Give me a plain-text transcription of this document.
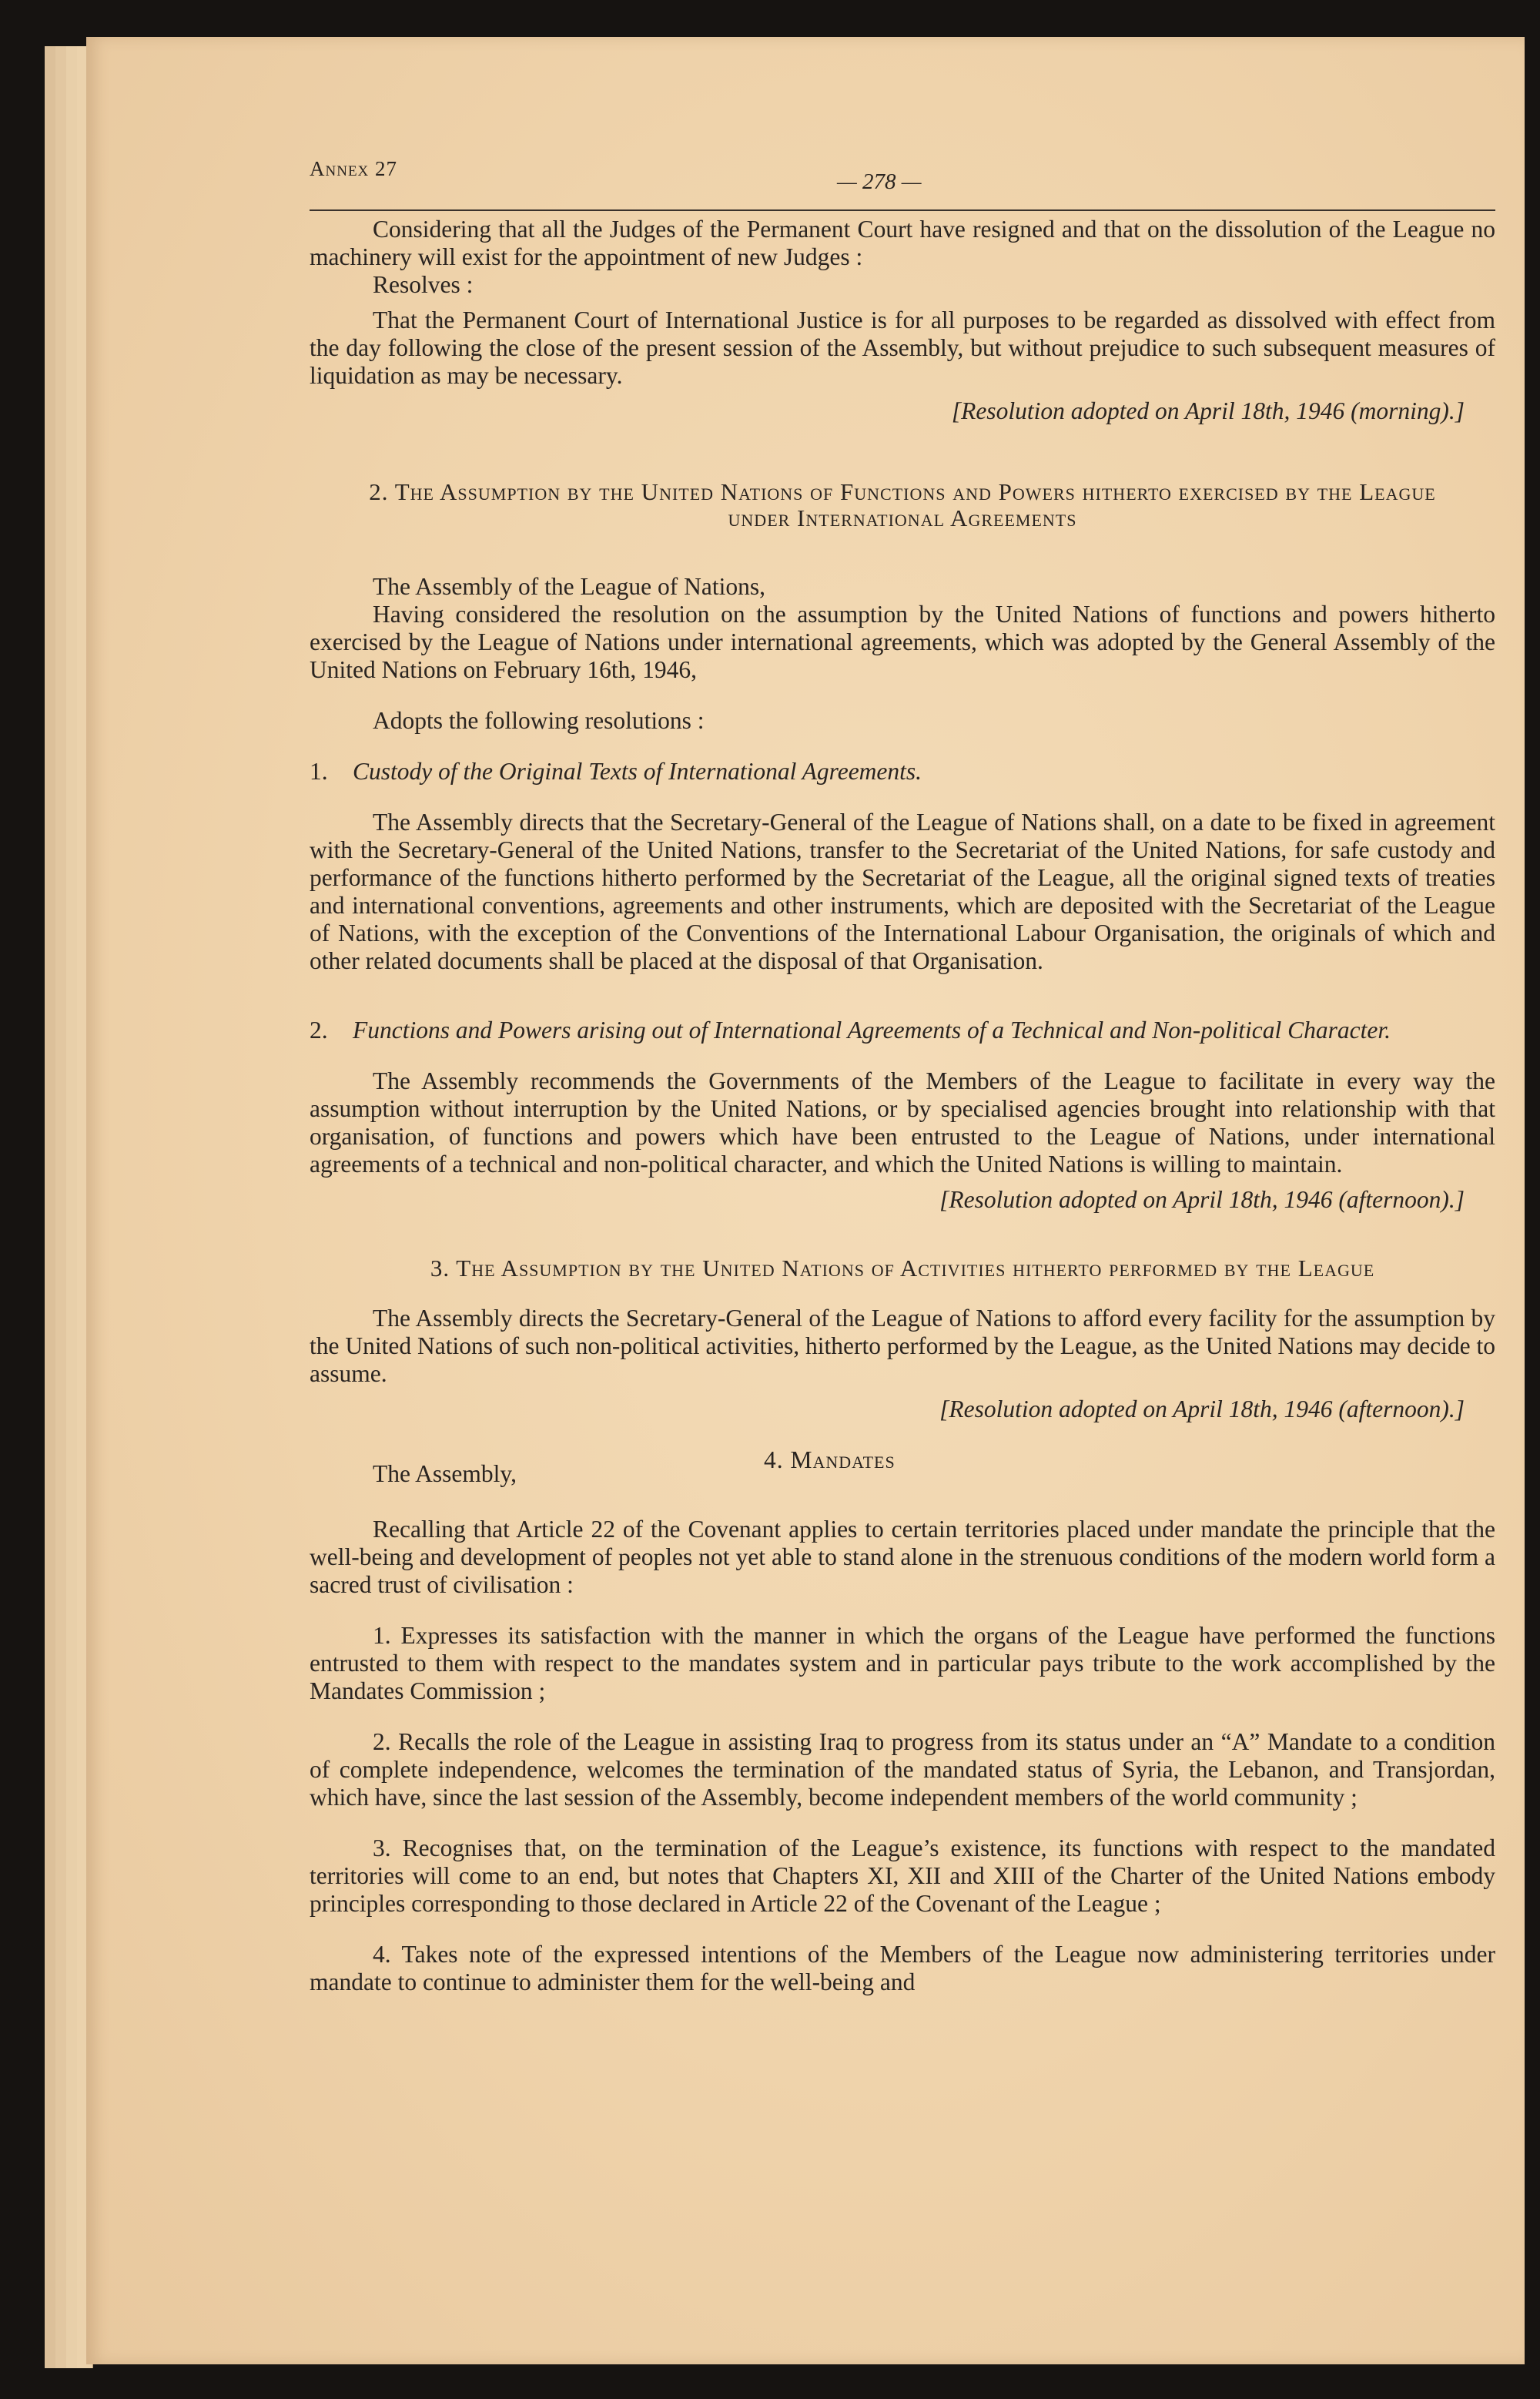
Annex 27
— 278 —

Considering that all the Judges of the Permanent Court have resigned and that on the dissolution of the League no machinery will exist for the appointment of new Judges :

Resolves :

That the Permanent Court of International Justice is for all purposes to be regarded as dissolved with effect from the day following the close of the present session of the Assembly, but without prejudice to such subsequent measures of liquidation as may be necessary.

[Resolution adopted on April 18th, 1946 (morning).]

2. The Assumption by the United Nations of Functions and Powers hitherto exercised by the League under International Agreements

The Assembly of the League of Nations,

Having considered the resolution on the assumption by the United Nations of functions and powers hitherto exercised by the League of Nations under international agreements, which was adopted by the General Assembly of the United Nations on February 16th, 1946,

Adopts the following resolutions :

1. Custody of the Original Texts of International Agreements.

The Assembly directs that the Secretary-General of the League of Nations shall, on a date to be fixed in agreement with the Secretary-General of the United Nations, transfer to the Secretariat of the United Nations, for safe custody and performance of the functions hitherto performed by the Secretariat of the League, all the original signed texts of treaties and international conventions, agreements and other instruments, which are deposited with the Secretariat of the League of Nations, with the exception of the Conventions of the International Labour Organisation, the originals of which and other related documents shall be placed at the disposal of that Organisation.

2. Functions and Powers arising out of International Agreements of a Technical and Non-political Character.

The Assembly recommends the Governments of the Members of the League to facilitate in every way the assumption without interruption by the United Nations, or by specialised agencies brought into relationship with that organisation, of functions and powers which have been entrusted to the League of Nations, under international agreements of a technical and non-political character, and which the United Nations is willing to maintain.

[Resolution adopted on April 18th, 1946 (afternoon).]

3. The Assumption by the United Nations of Activities hitherto performed by the League

The Assembly directs the Secretary-General of the League of Nations to afford every facility for the assumption by the United Nations of such non-political activities, hitherto performed by the League, as the United Nations may decide to assume.

[Resolution adopted on April 18th, 1946 (afternoon).]

The Assembly,
4. Mandates

Recalling that Article 22 of the Covenant applies to certain territories placed under mandate the principle that the well-being and development of peoples not yet able to stand alone in the strenuous conditions of the modern world form a sacred trust of civilisation :

1. Expresses its satisfaction with the manner in which the organs of the League have performed the functions entrusted to them with respect to the mandates system and in particular pays tribute to the work accomplished by the Mandates Commission ;

2. Recalls the role of the League in assisting Iraq to progress from its status under an “A” Mandate to a condition of complete independence, welcomes the termination of the mandated status of Syria, the Lebanon, and Transjordan, which have, since the last session of the Assembly, become independent members of the world community ;

3. Recognises that, on the termination of the League’s existence, its functions with respect to the mandated territories will come to an end, but notes that Chapters XI, XII and XIII of the Charter of the United Nations embody principles corresponding to those declared in Article 22 of the Covenant of the League ;

4. Takes note of the expressed intentions of the Members of the League now administering territories under mandate to continue to administer them for the well-being and
